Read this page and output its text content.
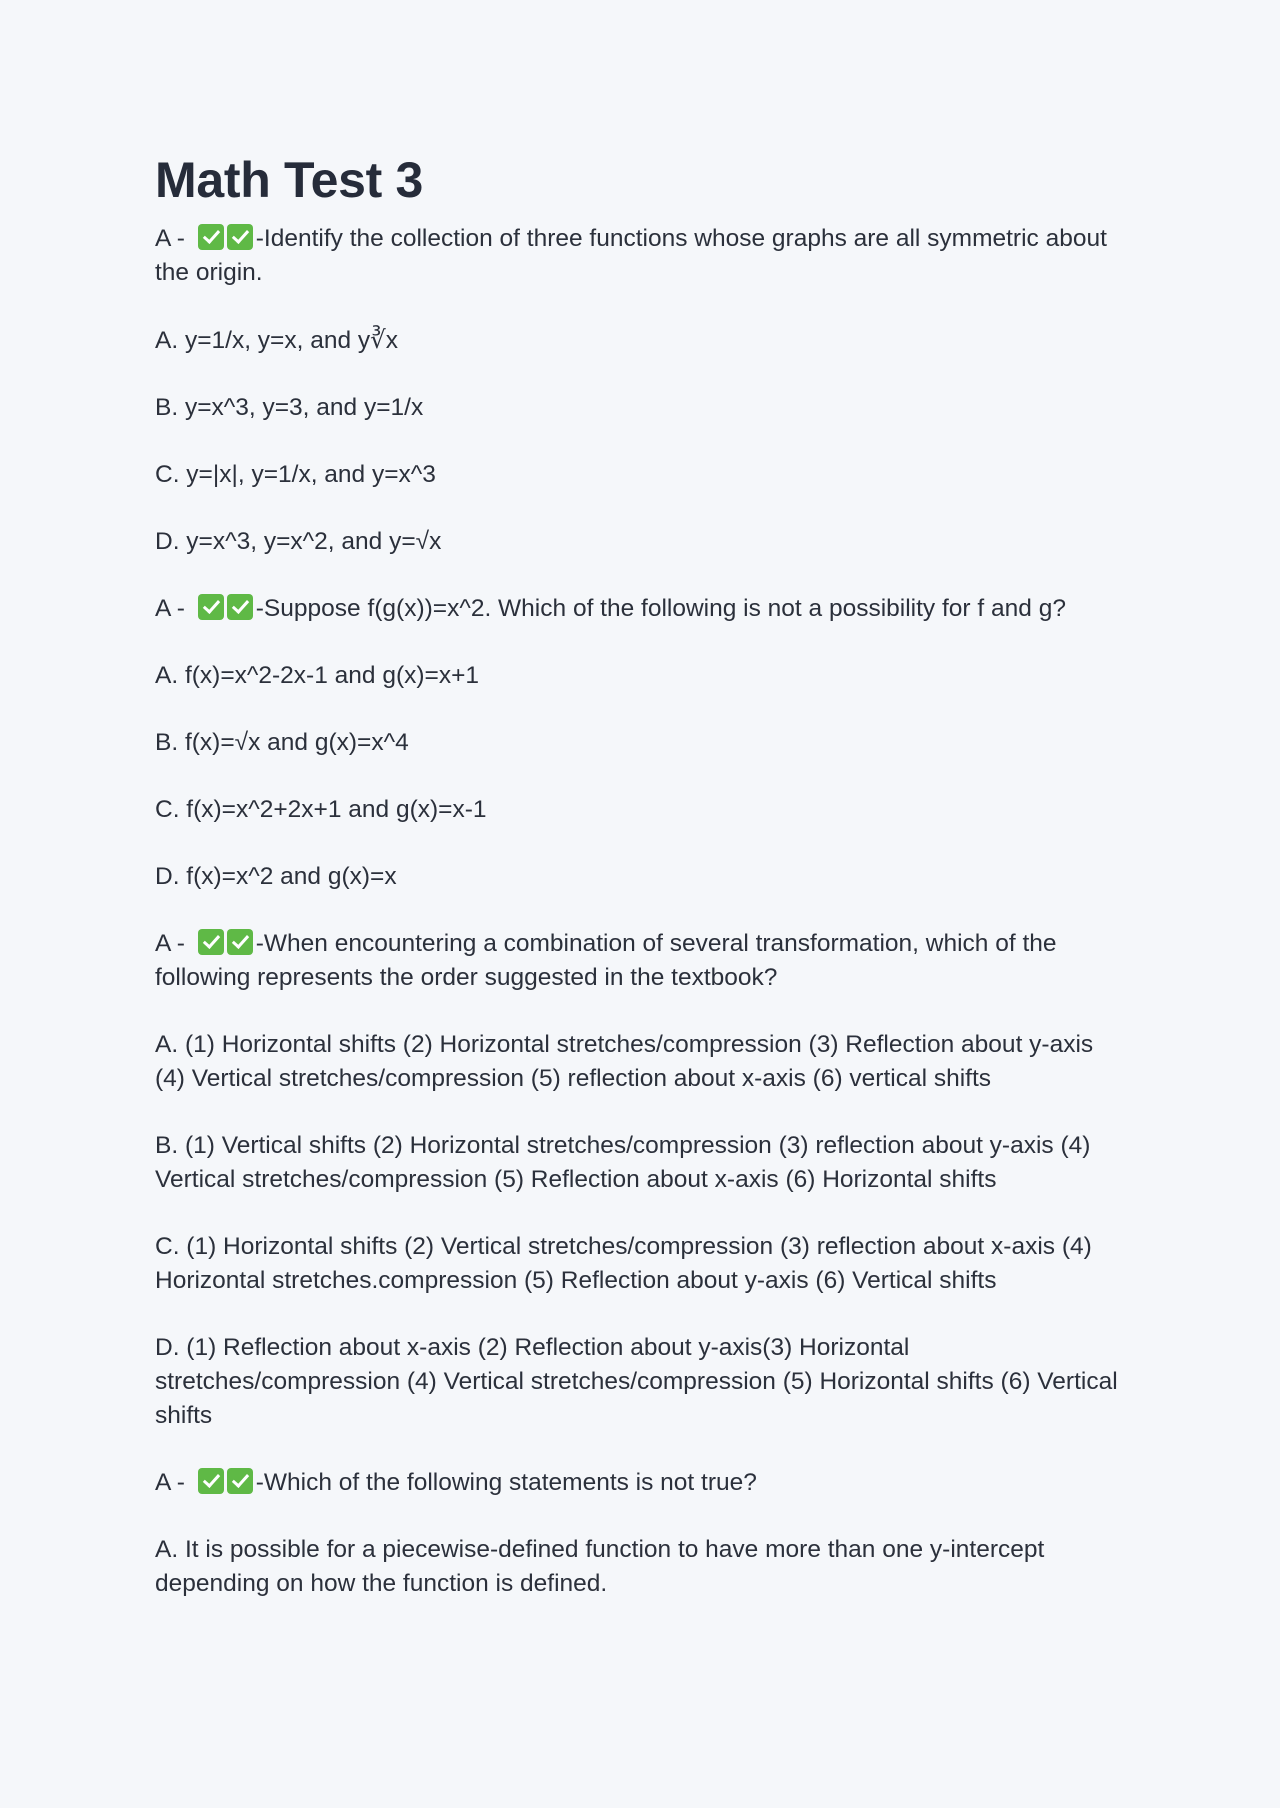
Math Test 3

A -	-Identify the collection of three functions whose graphs are all symmetric about the origin.

A. y=1/x, y=x, and y∛x

B. y=x^3, y=3, and y=1/x

C. y=|x|, y=1/x, and y=x^3

D. y=x^3, y=x^2, and y=√x

A -	-Suppose f(g(x))=x^2. Which of the following is not a possibility for f and g?

A. f(x)=x^2-2x-1 and g(x)=x+1

B. f(x)=√x and g(x)=x^4

C. f(x)=x^2+2x+1 and g(x)=x-1

D. f(x)=x^2 and g(x)=x

A -	-When encountering a combination of several transformation, which of the following represents the order suggested in the textbook?

A. (1) Horizontal shifts (2) Horizontal stretches/compression (3) Reflection about y-axis (4) Vertical stretches/compression (5) reflection about x-axis (6) vertical shifts

B. (1) Vertical shifts (2) Horizontal stretches/compression (3) reflection about y-axis (4) Vertical stretches/compression (5) Reflection about x-axis (6) Horizontal shifts

C. (1) Horizontal shifts (2) Vertical stretches/compression (3) reflection about x-axis (4) Horizontal stretches.compression (5) Reflection about y-axis (6) Vertical shifts

D. (1) Reflection about x-axis (2) Reflection about y-axis(3) Horizontal stretches/compression (4) Vertical stretches/compression (5) Horizontal shifts (6) Vertical shifts

A -	-Which of the following statements is not true?

A. It is possible for a piecewise-defined function to have more than one y-intercept depending on how the function is defined.
